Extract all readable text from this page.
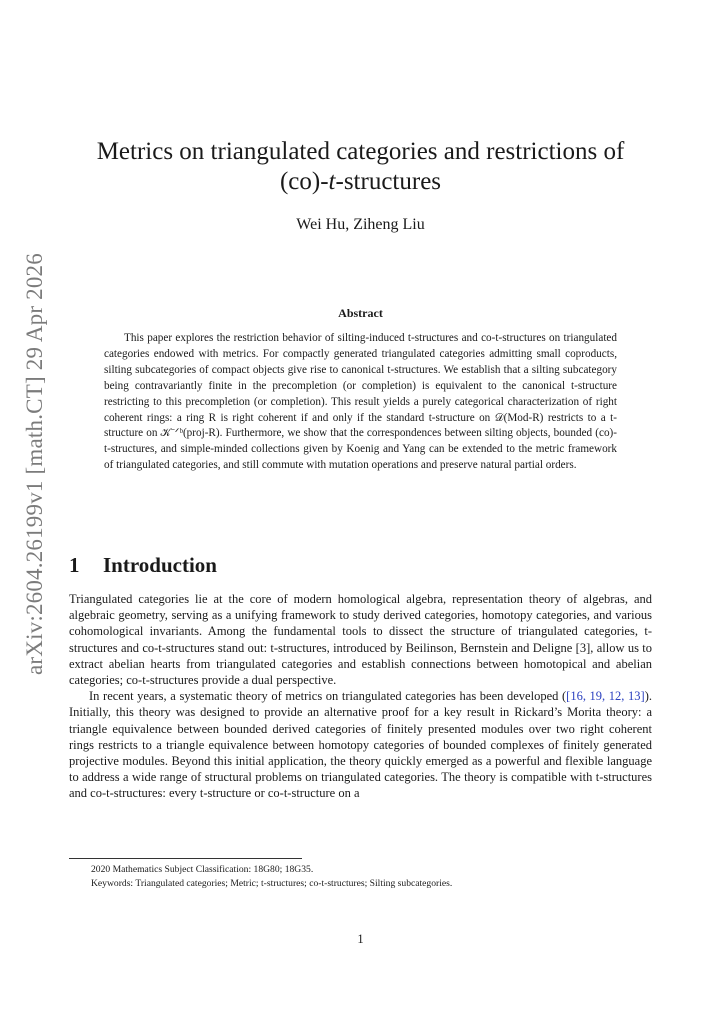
arXiv:2604.26199v1 [math.CT] 29 Apr 2026
Metrics on triangulated categories and restrictions of
(co)-t-structures
Wei Hu, Ziheng Liu
Abstract
This paper explores the restriction behavior of silting-induced t-structures and co-t-structures on triangulated categories endowed with metrics. For compactly generated triangulated categories admitting small coproducts, silting subcategories of compact objects give rise to canonical t-structures. We establish that a silting subcategory being contravariantly finite in the precompletion (or completion) is equivalent to the canonical t-structure restricting to this precompletion (or completion). This result yields a purely categorical characterization of right coherent rings: a ring R is right coherent if and only if the standard t-structure on 𝒟(Mod-R) restricts to a t-structure on 𝒦⁻ᐟᵇ(proj-R). Furthermore, we show that the correspondences between silting objects, bounded (co)-t-structures, and simple-minded collections given by Koenig and Yang can be extended to the metric framework of triangulated categories, and still commute with mutation operations and preserve natural partial orders.
1 Introduction

Triangulated categories lie at the core of modern homological algebra, representation theory of algebras, and algebraic geometry, serving as a unifying framework to study derived categories, homotopy categories, and various cohomological invariants. Among the fundamental tools to dissect the structure of triangulated categories, t-structures and co-t-structures stand out: t-structures, introduced by Beilinson, Bernstein and Deligne [3], allow us to extract abelian hearts from triangulated categories and establish connections between homotopical and abelian categories; co-t-structures provide a dual perspective.

In recent years, a systematic theory of metrics on triangulated categories has been developed ([16, 19, 12, 13]). Initially, this theory was designed to provide an alternative proof for a key result in Rickard’s Morita theory: a triangle equivalence between bounded derived categories of finitely presented modules over two right coherent rings restricts to a triangle equivalence between homotopy categories of bounded complexes of finitely generated projective modules. Beyond this initial application, the theory quickly emerged as a powerful and flexible language to address a wide range of structural problems on triangulated categories. The theory is compatible with t-structures and co-t-structures: every t-structure or co-t-structure on a

2020 Mathematics Subject Classification: 18G80; 18G35.
Keywords: Triangulated categories; Metric; t-structures; co-t-structures; Silting subcategories.
1
